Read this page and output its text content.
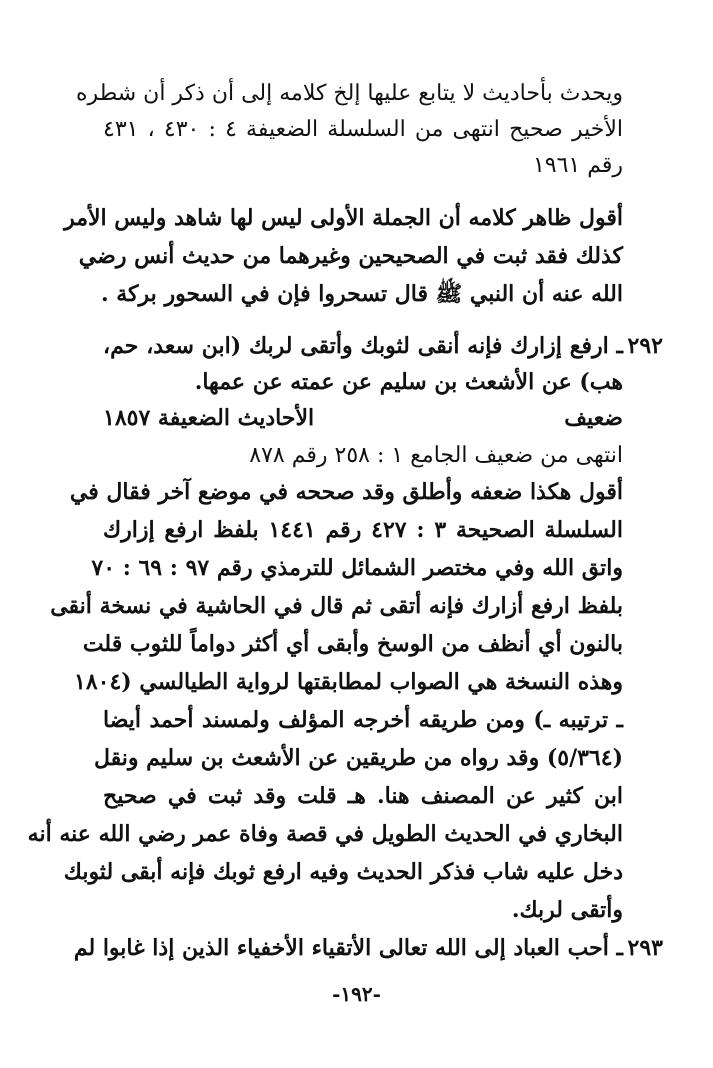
ويحدث بأحاديث لا يتابع عليها إلخ كلامه إلى أن ذكر أن شطره
الأخير صحيح انتهى من السلسلة الضعيفة ٤ : ٤٣٠ ، ٤٣١
رقم ١٩٦١
أقول ظاهر كلامه أن الجملة الأولى ليس لها شاهد وليس الأمر
كذلك فقد ثبت في الصحيحين وغيرهما من حديث أنس رضي
الله عنه أن النبي ﷺ قال تسحروا فإن في السحور بركة .
٢٩٢
ـ ارفع إزارك فإنه أنقى لثوبك وأتقى لربك (ابن سعد، حم،
هب) عن الأشعث بن سليم عن عمته عن عمها.
ضعيف
الأحاديث الضعيفة ١٨٥٧
انتهى من ضعيف الجامع ١ : ٢٥٨ رقم ٨٧٨
أقول هكذا ضعفه وأطلق وقد صححه في موضع آخر فقال في
السلسلة الصحيحة ٣ : ٤٢٧ رقم ١٤٤١ بلفظ ارفع إزارك
واتق الله وفي مختصر الشمائل للترمذي رقم ٩٧ : ٦٩ : ٧٠
بلفظ ارفع أزارك فإنه أتقى ثم قال في الحاشية في نسخة أنقى
بالنون أي أنظف من الوسخ وأبقى أي أكثر دواماً للثوب قلت
وهذه النسخة هي الصواب لمطابقتها لرواية الطيالسي (١٨٠٤
ـ ترتيبه ـ) ومن طريقه أخرجه المؤلف ولمسند أحمد أيضا
(٥/٣٦٤) وقد رواه من طريقين عن الأشعث بن سليم ونقل
ابن كثير عن المصنف هنا. هـ قلت وقد ثبت في صحيح
البخاري في الحديث الطويل في قصة وفاة عمر رضي الله عنه أنه
دخل عليه شاب فذكر الحديث وفيه ارفع ثوبك فإنه أبقى لثوبك
وأتقى لربك.
٢٩٣
ـ أحب العباد إلى الله تعالى الأتقياء الأخفياء الذين إذا غابوا لم
-١٩٢-
